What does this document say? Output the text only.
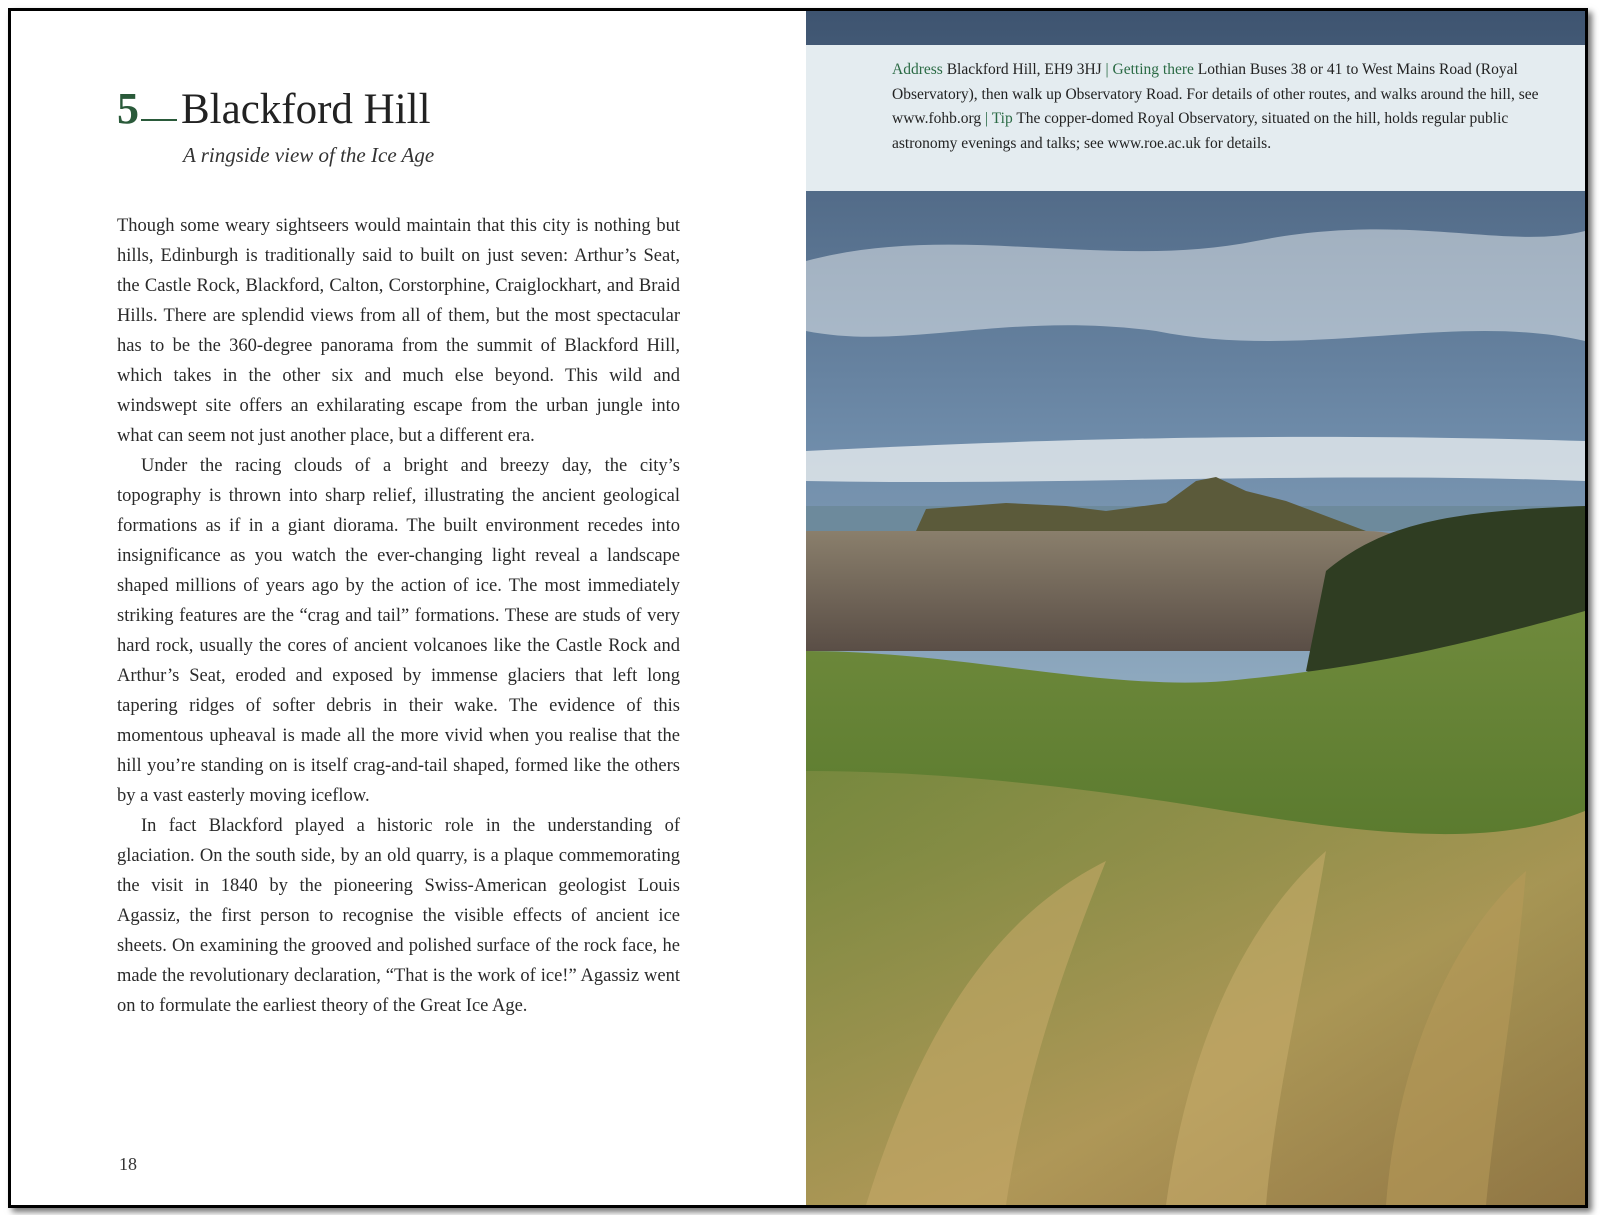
5 Blackford Hill
A ringside view of the Ice Age

Though some weary sightseers would maintain that this city is nothing but hills, Edinburgh is traditionally said to built on just seven: Arthur’s Seat, the Castle Rock, Blackford, Calton, Corstorphine, Craiglockhart, and Braid Hills. There are splendid views from all of them, but the most spectacular has to be the 360-degree panorama from the summit of Blackford Hill, which takes in the other six and much else beyond. This wild and windswept site offers an exhilarating escape from the urban jungle into what can seem not just another place, but a different era.

Under the racing clouds of a bright and breezy day, the city’s topography is thrown into sharp relief, illustrating the ancient geological formations as if in a giant diorama. The built environment recedes into insignificance as you watch the ever-changing light reveal a landscape shaped millions of years ago by the action of ice. The most immediately striking features are the “crag and tail” formations. These are studs of very hard rock, usually the cores of ancient volcanoes like the Castle Rock and Arthur’s Seat, eroded and exposed by immense glaciers that left long tapering ridges of softer debris in their wake. The evidence of this momentous upheaval is made all the more vivid when you realise that the hill you’re standing on is itself crag-and-tail shaped, formed like the others by a vast easterly moving iceflow.

In fact Blackford played a historic role in the understanding of glaciation. On the south side, by an old quarry, is a plaque commemorating the visit in 1840 by the pioneering Swiss-American geologist Louis Agassiz, the first person to recognise the visible effects of ancient ice sheets. On examining the grooved and polished surface of the rock face, he made the revolutionary declaration, “That is the work of ice!” Agassiz went on to formulate the earliest theory of the Great Ice Age.

18
Address Blackford Hill, EH9 3HJ | Getting there Lothian Buses 38 or 41 to West Mains Road (Royal Observatory), then walk up Observatory Road. For details of other routes, and walks around the hill, see www.fohb.org | Tip The copper-domed Royal Observatory, situated on the hill, holds regular public astronomy evenings and talks; see www.roe.ac.uk for details.
